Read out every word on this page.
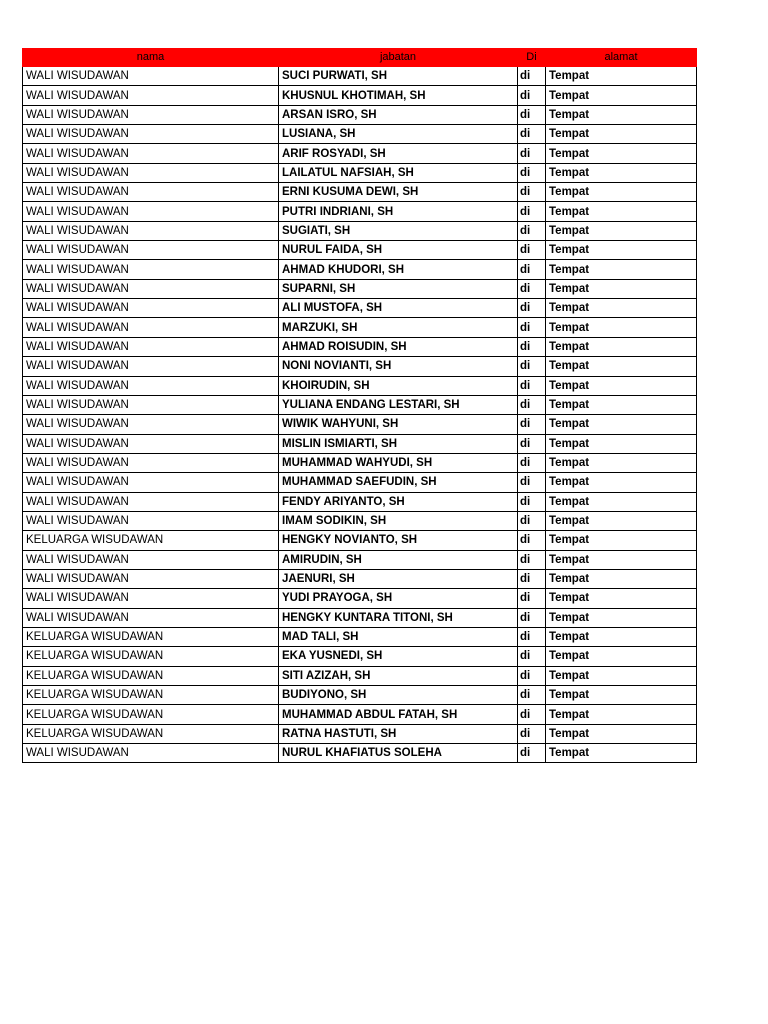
nama	jabatan	Di	alamat
WALI WISUDAWAN	SUCI PURWATI, SH	di	Tempat
WALI WISUDAWAN	KHUSNUL KHOTIMAH, SH	di	Tempat
WALI WISUDAWAN	ARSAN ISRO, SH	di	Tempat
WALI WISUDAWAN	LUSIANA, SH	di	Tempat
WALI WISUDAWAN	ARIF ROSYADI, SH	di	Tempat
WALI WISUDAWAN	LAILATUL NAFSIAH, SH	di	Tempat
WALI WISUDAWAN	ERNI KUSUMA DEWI, SH	di	Tempat
WALI WISUDAWAN	PUTRI INDRIANI, SH	di	Tempat
WALI WISUDAWAN	SUGIATI, SH	di	Tempat
WALI WISUDAWAN	NURUL FAIDA, SH	di	Tempat
WALI WISUDAWAN	AHMAD KHUDORI, SH	di	Tempat
WALI WISUDAWAN	SUPARNI, SH	di	Tempat
WALI WISUDAWAN	ALI MUSTOFA, SH	di	Tempat
WALI WISUDAWAN	MARZUKI, SH	di	Tempat
WALI WISUDAWAN	AHMAD ROISUDIN, SH	di	Tempat
WALI WISUDAWAN	NONI NOVIANTI, SH	di	Tempat
WALI WISUDAWAN	KHOIRUDIN, SH	di	Tempat
WALI WISUDAWAN	YULIANA ENDANG LESTARI, SH	di	Tempat
WALI WISUDAWAN	WIWIK WAHYUNI, SH	di	Tempat
WALI WISUDAWAN	MISLIN ISMIARTI, SH	di	Tempat
WALI WISUDAWAN	MUHAMMAD WAHYUDI, SH	di	Tempat
WALI WISUDAWAN	MUHAMMAD SAEFUDIN, SH	di	Tempat
WALI WISUDAWAN	FENDY ARIYANTO, SH	di	Tempat
WALI WISUDAWAN	IMAM SODIKIN, SH	di	Tempat
KELUARGA WISUDAWAN	HENGKY NOVIANTO, SH	di	Tempat
WALI WISUDAWAN	AMIRUDIN, SH	di	Tempat
WALI WISUDAWAN	JAENURI, SH	di	Tempat
WALI WISUDAWAN	YUDI PRAYOGA, SH	di	Tempat
WALI WISUDAWAN	HENGKY KUNTARA TITONI, SH	di	Tempat
KELUARGA WISUDAWAN	MAD TALI, SH	di	Tempat
KELUARGA WISUDAWAN	EKA YUSNEDI, SH	di	Tempat
KELUARGA WISUDAWAN	SITI AZIZAH, SH	di	Tempat
KELUARGA WISUDAWAN	BUDIYONO, SH	di	Tempat
KELUARGA WISUDAWAN	MUHAMMAD ABDUL FATAH, SH	di	Tempat
KELUARGA WISUDAWAN	RATNA HASTUTI, SH	di	Tempat
WALI WISUDAWAN	NURUL KHAFIATUS SOLEHA	di	Tempat
